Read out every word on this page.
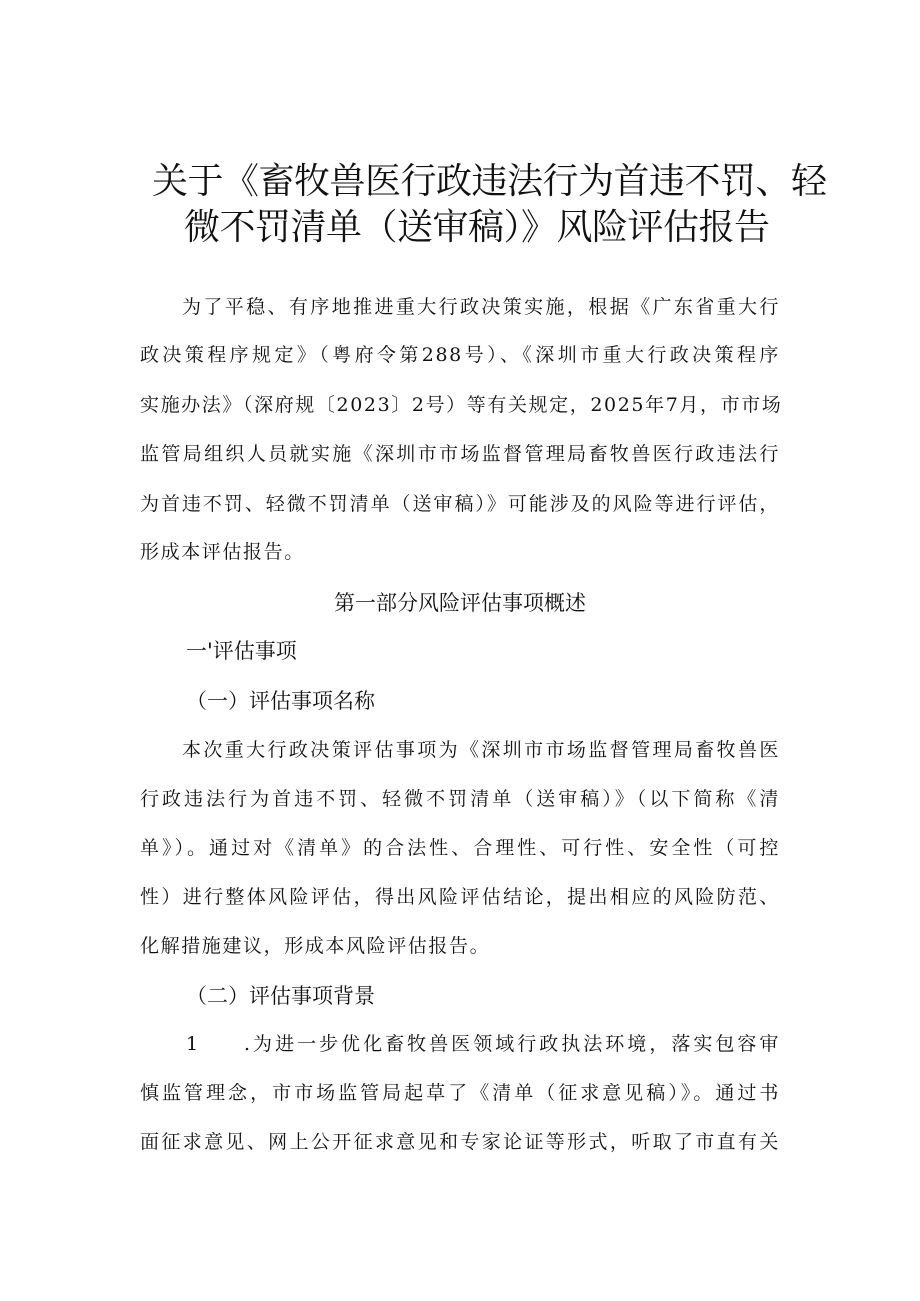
关于《畜牧兽医行政违法行为首违不罚、轻
微不罚清单（送审稿）》风险评估报告
为了平稳、有序地推进重大行政决策实施，根据《广东省重大行
政决策程序规定》（粤府令第288号）、《深圳市重大行政决策程序
实施办法》（深府规〔2023〕2号）等有关规定，2025年7月，市市场
监管局组织人员就实施《深圳市市场监督管理局畜牧兽医行政违法行
为首违不罚、轻微不罚清单（送审稿）》可能涉及的风险等进行评估，
形成本评估报告。
第一部分风险评估事项概述
一'评估事项
（一）评估事项名称
本次重大行政决策评估事项为《深圳市市场监督管理局畜牧兽医
行政违法行为首违不罚、轻微不罚清单（送审稿）》（以下简称《清
单》）。通过对《清单》的合法性、合理性、可行性、安全性（可控
性）进行整体风险评估，得出风险评估结论，提出相应的风险防范、
化解措施建议，形成本风险评估报告。
（二）评估事项背景
1 .为进一步优化畜牧兽医领域行政执法环境，落实包容审
慎监管理念，市市场监管局起草了《清单（征求意见稿）》。通过书
面征求意见、网上公开征求意见和专家论证等形式，听取了市直有关
